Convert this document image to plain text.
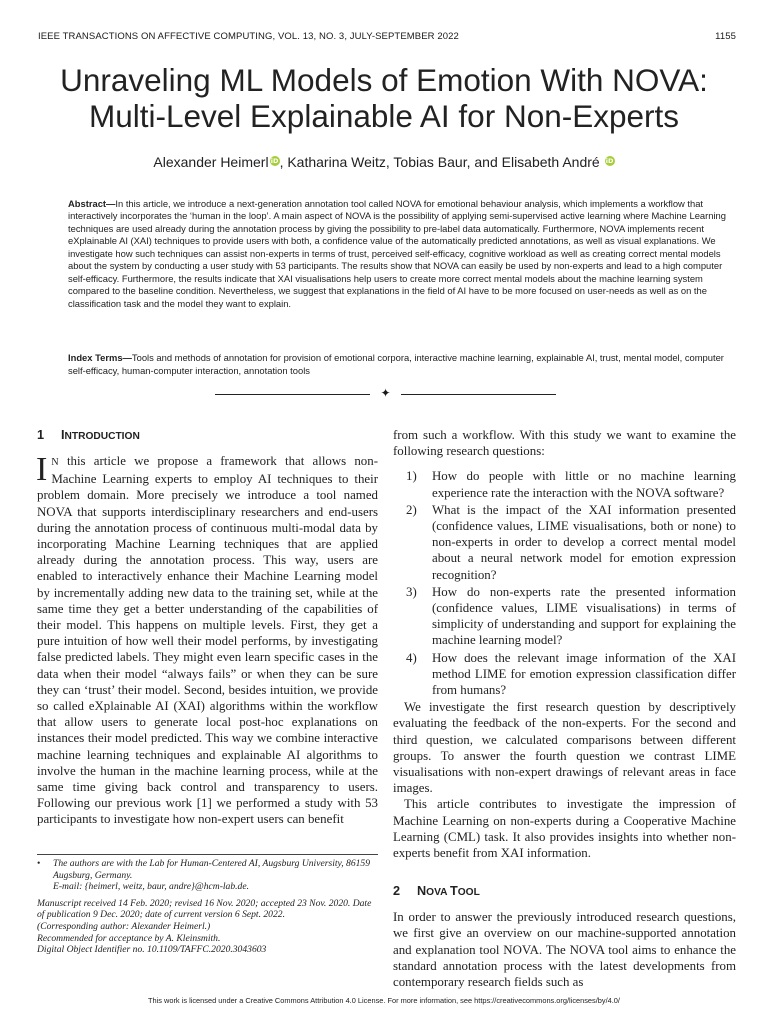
IEEE TRANSACTIONS ON AFFECTIVE COMPUTING, VOL. 13, NO. 3, JULY-SEPTEMBER 2022	1155
Unraveling ML Models of Emotion With NOVA:
Multi-Level Explainable AI for Non-Experts
Alexander Heimerl iD, Katharina Weitz, Tobias Baur, and Elisabeth André iD
Abstract—In this article, we introduce a next-generation annotation tool called NOVA for emotional behaviour analysis, which implements a workflow that interactively incorporates the ‘human in the loop’. A main aspect of NOVA is the possibility of applying semi-supervised active learning where Machine Learning techniques are used already during the annotation process by giving the possibility to pre-label data automatically. Furthermore, NOVA implements recent eXplainable AI (XAI) techniques to provide users with both, a confidence value of the automatically predicted annotations, as well as visual explanations. We investigate how such techniques can assist non-experts in terms of trust, perceived self-efficacy, cognitive workload as well as creating correct mental models about the system by conducting a user study with 53 participants. The results show that NOVA can easily be used by non-experts and lead to a high computer self-efficacy. Furthermore, the results indicate that XAI visualisations help users to create more correct mental models about the machine learning system compared to the baseline condition. Nevertheless, we suggest that explanations in the field of AI have to be more focused on user-needs as well as on the classification task and the model they want to explain.
Index Terms—Tools and methods of annotation for provision of emotional corpora, interactive machine learning, explainable AI, trust, mental model, computer self-efficacy, human-computer interaction, annotation tools
✦
1 INTRODUCTION

I N this article we propose a framework that allows non-Machine Learning experts to employ AI techniques to their problem domain. More precisely we introduce a tool named NOVA that supports interdisciplinary researchers and end-users during the annotation process of continuous multi-modal data by incorporating Machine Learning techniques that are applied already during the annotation process. This way, users are enabled to interactively enhance their Machine Learning model by incrementally adding new data to the training set, while at the same time they get a better understanding of the capabilities of their model. This happens on multiple levels. First, they get a pure intuition of how well their model performs, by investigating false predicted labels. They might even learn specific cases in the data when their model “always fails” or when they can be sure they can ‘trust’ their model. Second, besides intuition, we provide so called eXplainable AI (XAI) algorithms within the workflow that allow users to generate local post-hoc explanations on instances their model predicted. This way we combine interactive machine learning techniques and explainable AI algorithms to involve the human in the machine learning process, while at the same time giving back control and transparency to users. Following our previous work [1] we performed a study with 53 participants to investigate how non-expert users can benefit

from such a workflow. With this study we want to examine the following research questions:

1) How do people with little or no machine learning experience rate the interaction with the NOVA software?
2) What is the impact of the XAI information presented (confidence values, LIME visualisations, both or none) to non-experts in order to develop a correct mental model about a neural network model for emotion expression recognition?
3) How do non-experts rate the presented information (confidence values, LIME visualisations) in terms of simplicity of understanding and support for explaining the machine learning model?
4) How does the relevant image information of the XAI method LIME for emotion expression classification differ from humans?

We investigate the first research question by descriptively evaluating the feedback of the non-experts. For the second and third question, we calculated comparisons between different groups. To answer the fourth question we contrast LIME visualisations with non-expert drawings of relevant areas in face images.

This article contributes to investigate the impression of Machine Learning on non-experts during a Cooperative Machine Learning (CML) task. It also provides insights into whether non-experts benefit from XAI information.

2 NOVA TOOL

In order to answer the previously introduced research questions, we first give an overview on our machine-supported annotation and explanation tool NOVA. The NOVA tool aims to enhance the standard annotation process with the latest developments from contemporary research fields such as

• The authors are with the Lab for Human-Centered AI, Augsburg University, 86159 Augsburg, Germany.
E-mail: {heimerl, weitz, baur, andre}@hcm-lab.de.
Manuscript received 14 Feb. 2020; revised 16 Nov. 2020; accepted 23 Nov. 2020. Date of publication 9 Dec. 2020; date of current version 6 Sept. 2022.
(Corresponding author: Alexander Heimerl.)
Recommended for acceptance by A. Kleinsmith.
Digital Object Identifier no. 10.1109/TAFFC.2020.3043603
This work is licensed under a Creative Commons Attribution 4.0 License. For more information, see https://creativecommons.org/licenses/by/4.0/
